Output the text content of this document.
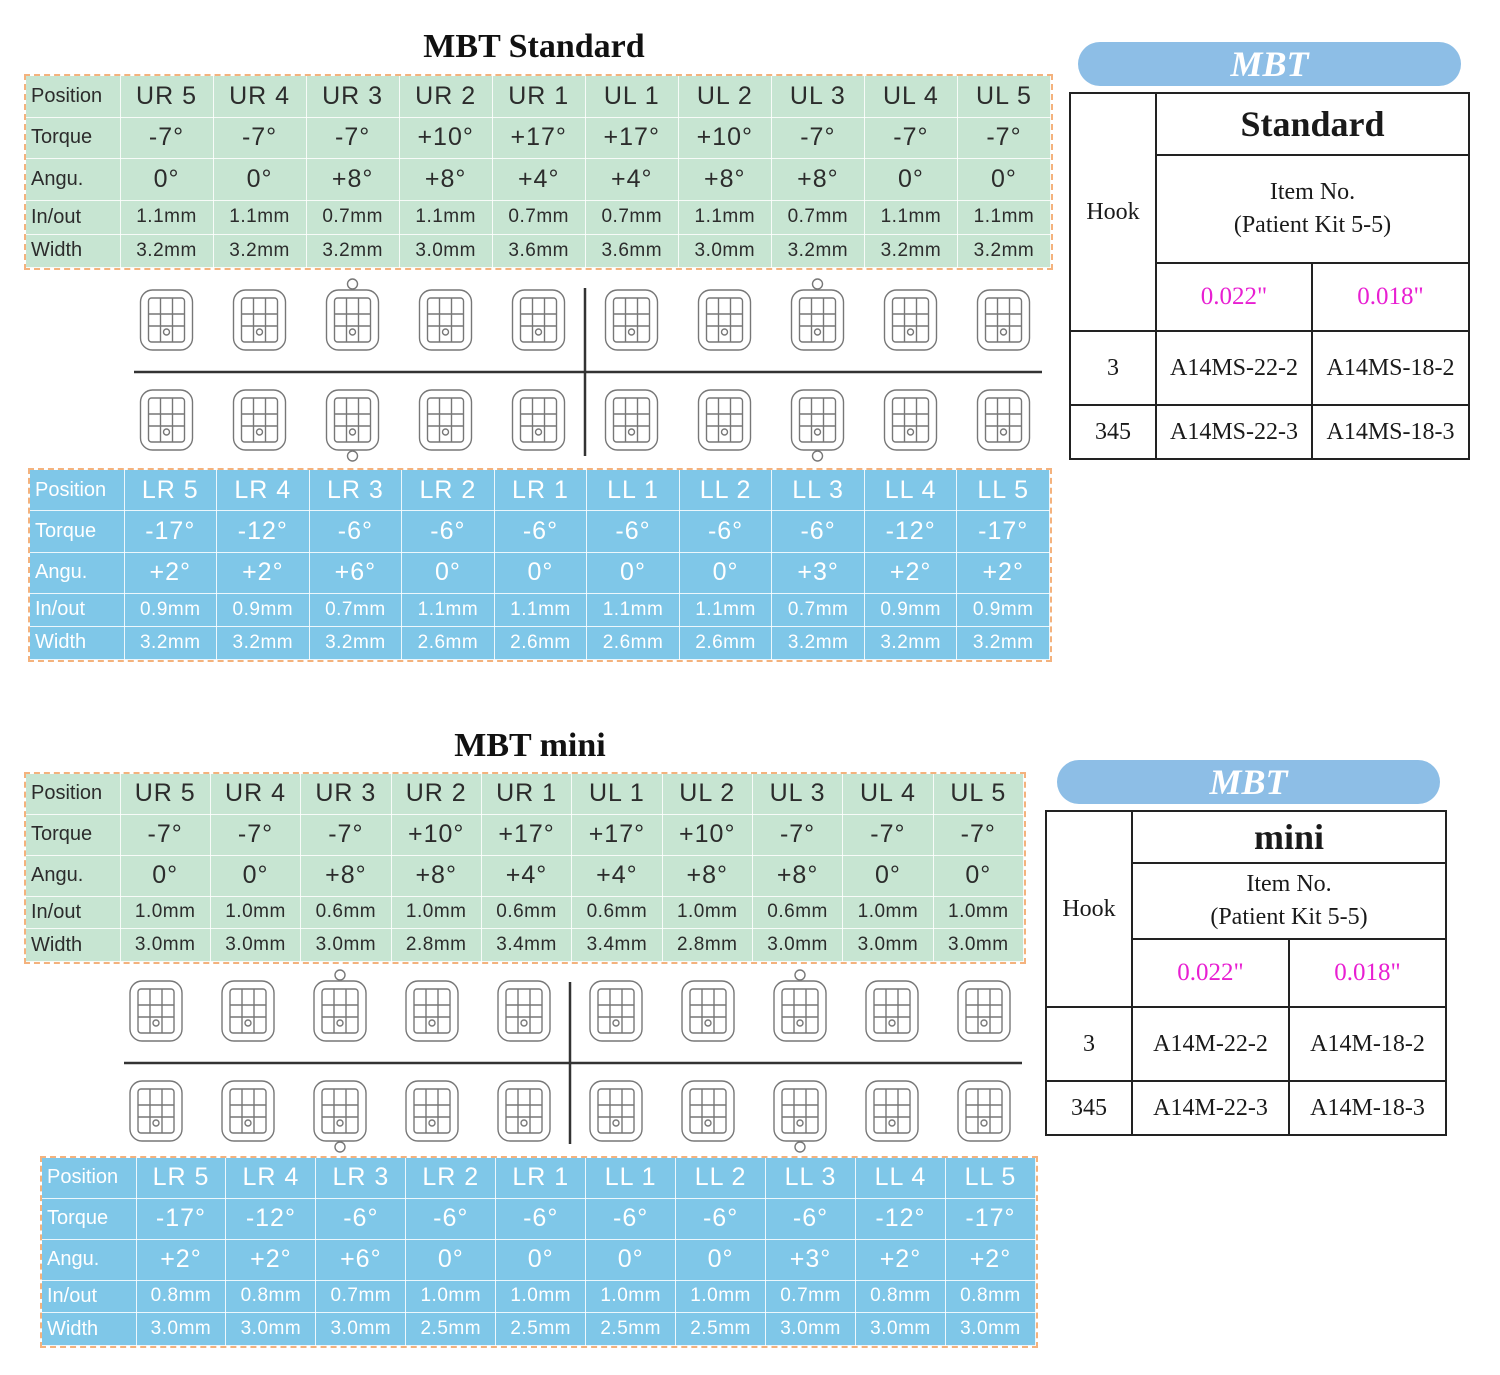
MBT Standard
Position	UR 5	UR 4	UR 3	UR 2	UR 1	UL 1	UL 2	UL 3	UL 4	UL 5
Torque	-7°	-7°	-7°	+10°	+17°	+17°	+10°	-7°	-7°	-7°
Angu.	0°	0°	+8°	+8°	+4°	+4°	+8°	+8°	0°	0°
In/out	1.1mm	1.1mm	0.7mm	1.1mm	0.7mm	0.7mm	1.1mm	0.7mm	1.1mm	1.1mm
Width	3.2mm	3.2mm	3.2mm	3.0mm	3.6mm	3.6mm	3.0mm	3.2mm	3.2mm	3.2mm
Position	LR 5	LR 4	LR 3	LR 2	LR 1	LL 1	LL 2	LL 3	LL 4	LL 5
Torque	-17°	-12°	-6°	-6°	-6°	-6°	-6°	-6°	-12°	-17°
Angu.	+2°	+2°	+6°	0°	0°	0°	0°	+3°	+2°	+2°
In/out	0.9mm	0.9mm	0.7mm	1.1mm	1.1mm	1.1mm	1.1mm	0.7mm	0.9mm	0.9mm
Width	3.2mm	3.2mm	3.2mm	2.6mm	2.6mm	2.6mm	2.6mm	3.2mm	3.2mm	3.2mm
MBT
Hook	Standard	

	Item No.
(Patient Kit 5-5)	

	0.022"	0.018"
3	A14MS-22-2	A14MS-18-2
345	A14MS-22-3	A14MS-18-3
MBT mini
Position	UR 5	UR 4	UR 3	UR 2	UR 1	UL 1	UL 2	UL 3	UL 4	UL 5
Torque	-7°	-7°	-7°	+10°	+17°	+17°	+10°	-7°	-7°	-7°
Angu.	0°	0°	+8°	+8°	+4°	+4°	+8°	+8°	0°	0°
In/out	1.0mm	1.0mm	0.6mm	1.0mm	0.6mm	0.6mm	1.0mm	0.6mm	1.0mm	1.0mm
Width	3.0mm	3.0mm	3.0mm	2.8mm	3.4mm	3.4mm	2.8mm	3.0mm	3.0mm	3.0mm
Position	LR 5	LR 4	LR 3	LR 2	LR 1	LL 1	LL 2	LL 3	LL 4	LL 5
Torque	-17°	-12°	-6°	-6°	-6°	-6°	-6°	-6°	-12°	-17°
Angu.	+2°	+2°	+6°	0°	0°	0°	0°	+3°	+2°	+2°
In/out	0.8mm	0.8mm	0.7mm	1.0mm	1.0mm	1.0mm	1.0mm	0.7mm	0.8mm	0.8mm
Width	3.0mm	3.0mm	3.0mm	2.5mm	2.5mm	2.5mm	2.5mm	3.0mm	3.0mm	3.0mm
MBT
Hook	mini	

	Item No.
(Patient Kit 5-5)	

	0.022"	0.018"
3	A14M-22-2	A14M-18-2
345	A14M-22-3	A14M-18-3
